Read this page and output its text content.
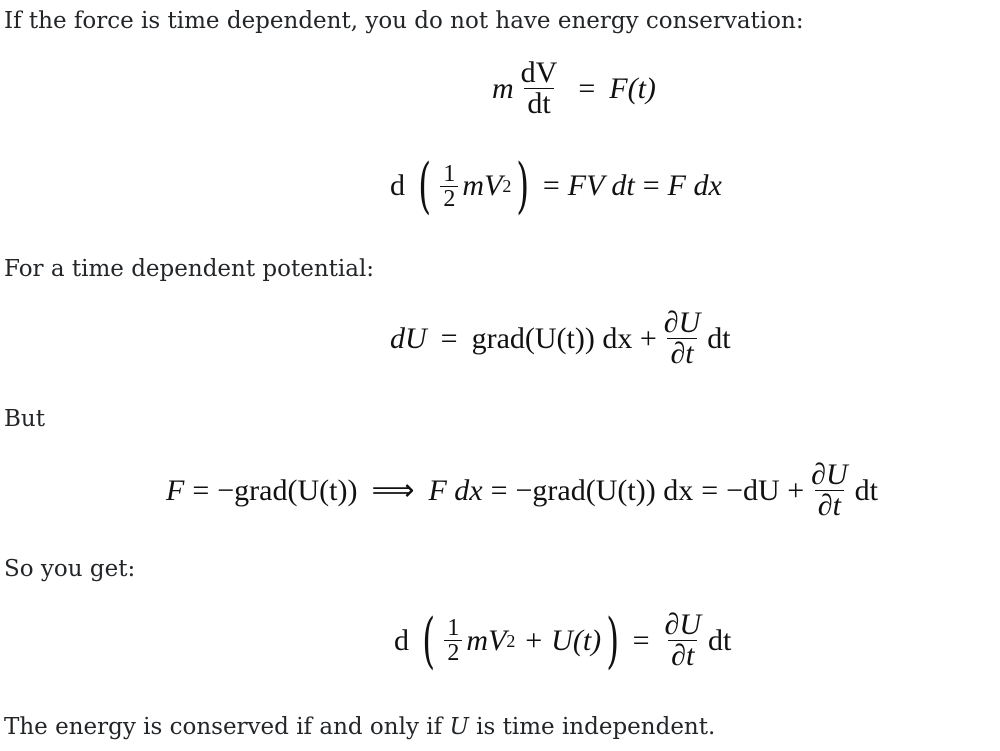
If the force is time dependent, you do not have energy conservation:

m $\frac{dV}{dt} = F(t)$
d ( $\frac{1}{2}$ m V 2 ) = FV dt = F dx

For a time dependent potential:

dU = grad(U(t)) dx + $\frac{\partial U}{\partial t}$ dt

But

F = −grad(U(t)) ⟹ F dx = −grad(U(t)) dx = $-dU + \frac{\partial U}{\partial t}$ dt

So you get:

d ( $\frac{1}{2}$ m V 2 + U(t) ) = $\frac{\partial U}{\partial t}$ dt

The energy is conserved if and only if U is time independent.
